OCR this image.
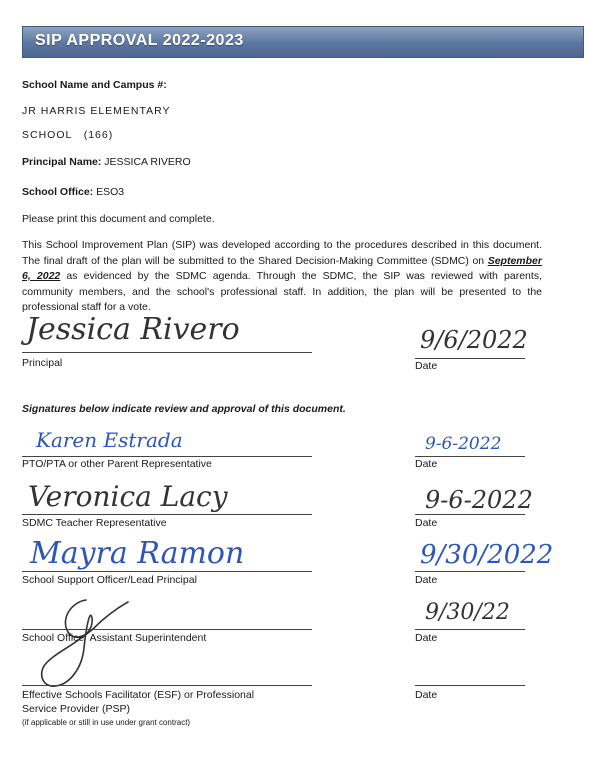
SIP APPROVAL 2022-2023
School Name and Campus #:
JR HARRIS ELEMENTARY
SCHOOL   (166)
Principal Name: JESSICA RIVERO
School Office: ESO3
Please print this document and complete.
This School Improvement Plan (SIP) was developed according to the procedures described in this document. The final draft of the plan will be submitted to the Shared Decision-Making Committee (SDMC) on September 6, 2022 as evidenced by the SDMC agenda. Through the SDMC, the SIP was reviewed with parents, community members, and the school's professional staff. In addition, the plan will be presented to the professional staff for a vote.
Jessica Rivero
Principal
9/6/2022
Date
Signatures below indicate review and approval of this document.
Karen Estrada
PTO/PTA or other Parent Representative
9-6-2022
Date
Veronica Lacy
SDMC Teacher Representative
9-6-2022
Date
Mayra Ramon
School Support Officer/Lead Principal
9/30/2022
Date
School Office  Assistant Superintendent
9/30/22
Date
Effective Schools Facilitator (ESF) or Professional
Service Provider (PSP)
(if applicable or still in use under grant contract)
Date
